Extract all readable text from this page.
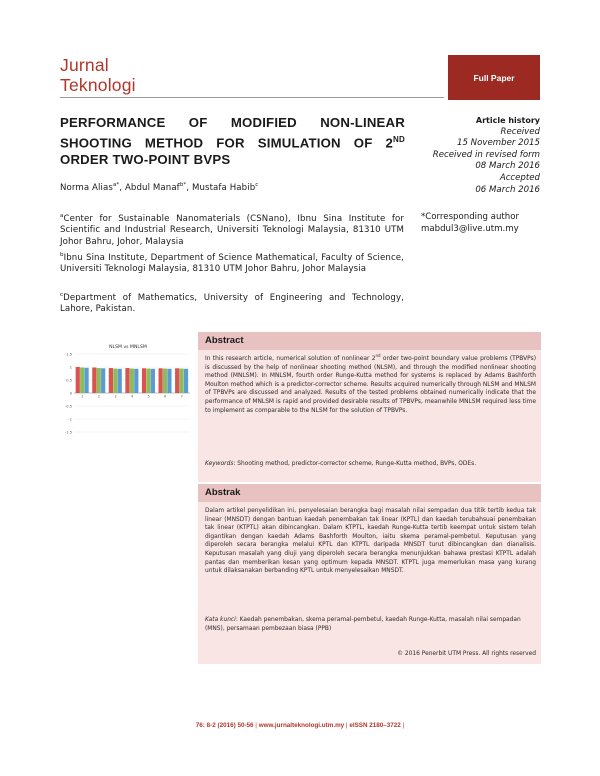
Jurnal
Teknologi	Full Paper
PERFORMANCE OF MODIFIED NON-LINEAR SHOOTING METHOD FOR SIMULATION OF 2ND ORDER TWO-POINT BVPS
Article history
Received
15 November 2015
Received in revised form
08 March 2016
Accepted
06 March 2016
Norma Alias$^{a*}$, Abdul Manaf$^{b*}$, Mustafa Habib$^c$
$^a$Center for Sustainable Nanomaterials (CSNano), Ibnu Sina Institute for Scientific and Industrial Research, Universiti Teknologi Malaysia, 81310 UTM Johor Bahru, Johor, Malaysia
$^b$Ibnu Sina Institute, Department of Science Mathematical, Faculty of Science, Universiti Teknologi Malaysia, 81310 UTM Johor Bahru, Johor Malaysia
$^c$Department of Mathematics, University of Engineering and Technology, Lahore, Pakistan.
*Corresponding author
mabdul3@live.utm.my
NLSM vs MNLSM
1.5
1
0.5
0
-0.5
-1
-1.5
1	2	3	4	5	6	7
Abstract
In this research article, numerical solution of nonlinear 2nd order two-point boundary value problems (TPBVPs) is discussed by the help of nonlinear shooting method (NLSM), and through the modified nonlinear shooting method (MNLSM). In MNLSM, fourth order Runge-Kutta method for systems is replaced by Adams Bashforth Moulton method which is a predictor-corrector scheme. Results acquired numerically through NLSM and MNLSM of TPBVPs are discussed and analyzed. Results of the tested problems obtained numerically indicate that the performance of MNLSM is rapid and provided desirable results of TPBVPs, meanwhile MNLSM required less time to implement as comparable to the NLSM for the solution of TPBVPs.
Keywords: Shooting method, predictor-corrector scheme, Runge-Kutta method, BVPs, ODEs.
Abstrak
Dalam artikel penyelidikan ini, penyelesaian berangka bagi masalah nilai sempadan dua titik tertib kedua tak linear (MNSDT) dengan bantuan kaedah penembakan tak linear (KPTL) dan kaedah terubahsuai penembakan tak linear (KTPTL) akan dibincangkan. Dalam KTPTL, kaedah Runge-Kutta tertib keempat untuk sistem telah digantikan dengan kaedah Adams Bashforth Moulton, iaitu skema peramal-pembetul. Keputusan yang diperoleh secara berangka melalui KPTL dan KTPTL daripada MNSDT turut dibincangkan dan dianalisis. Keputusan masalah yang diuji yang diperoleh secara berangka menunjukkan bahawa prestasi KTPTL adalah pantas dan memberikan kesan yang optimum kepada MNSDT. KTPTL juga memerlukan masa yang kurang untuk dilaksanakan berbanding KPTL untuk menyelesaikan MNSDT.
Kata kunci: Kaedah penembakan, skema peramal-pembetul, kaedah Runge-Kutta, masalah nilai sempadan (MNS), persamaan pembezaan biasa (PPB)
© 2016 Penerbit UTM Press. All rights reserved
76: 8-2 (2016) 50-56 | www.jurnalteknologi.utm.my | eISSN 2180–3722 |
